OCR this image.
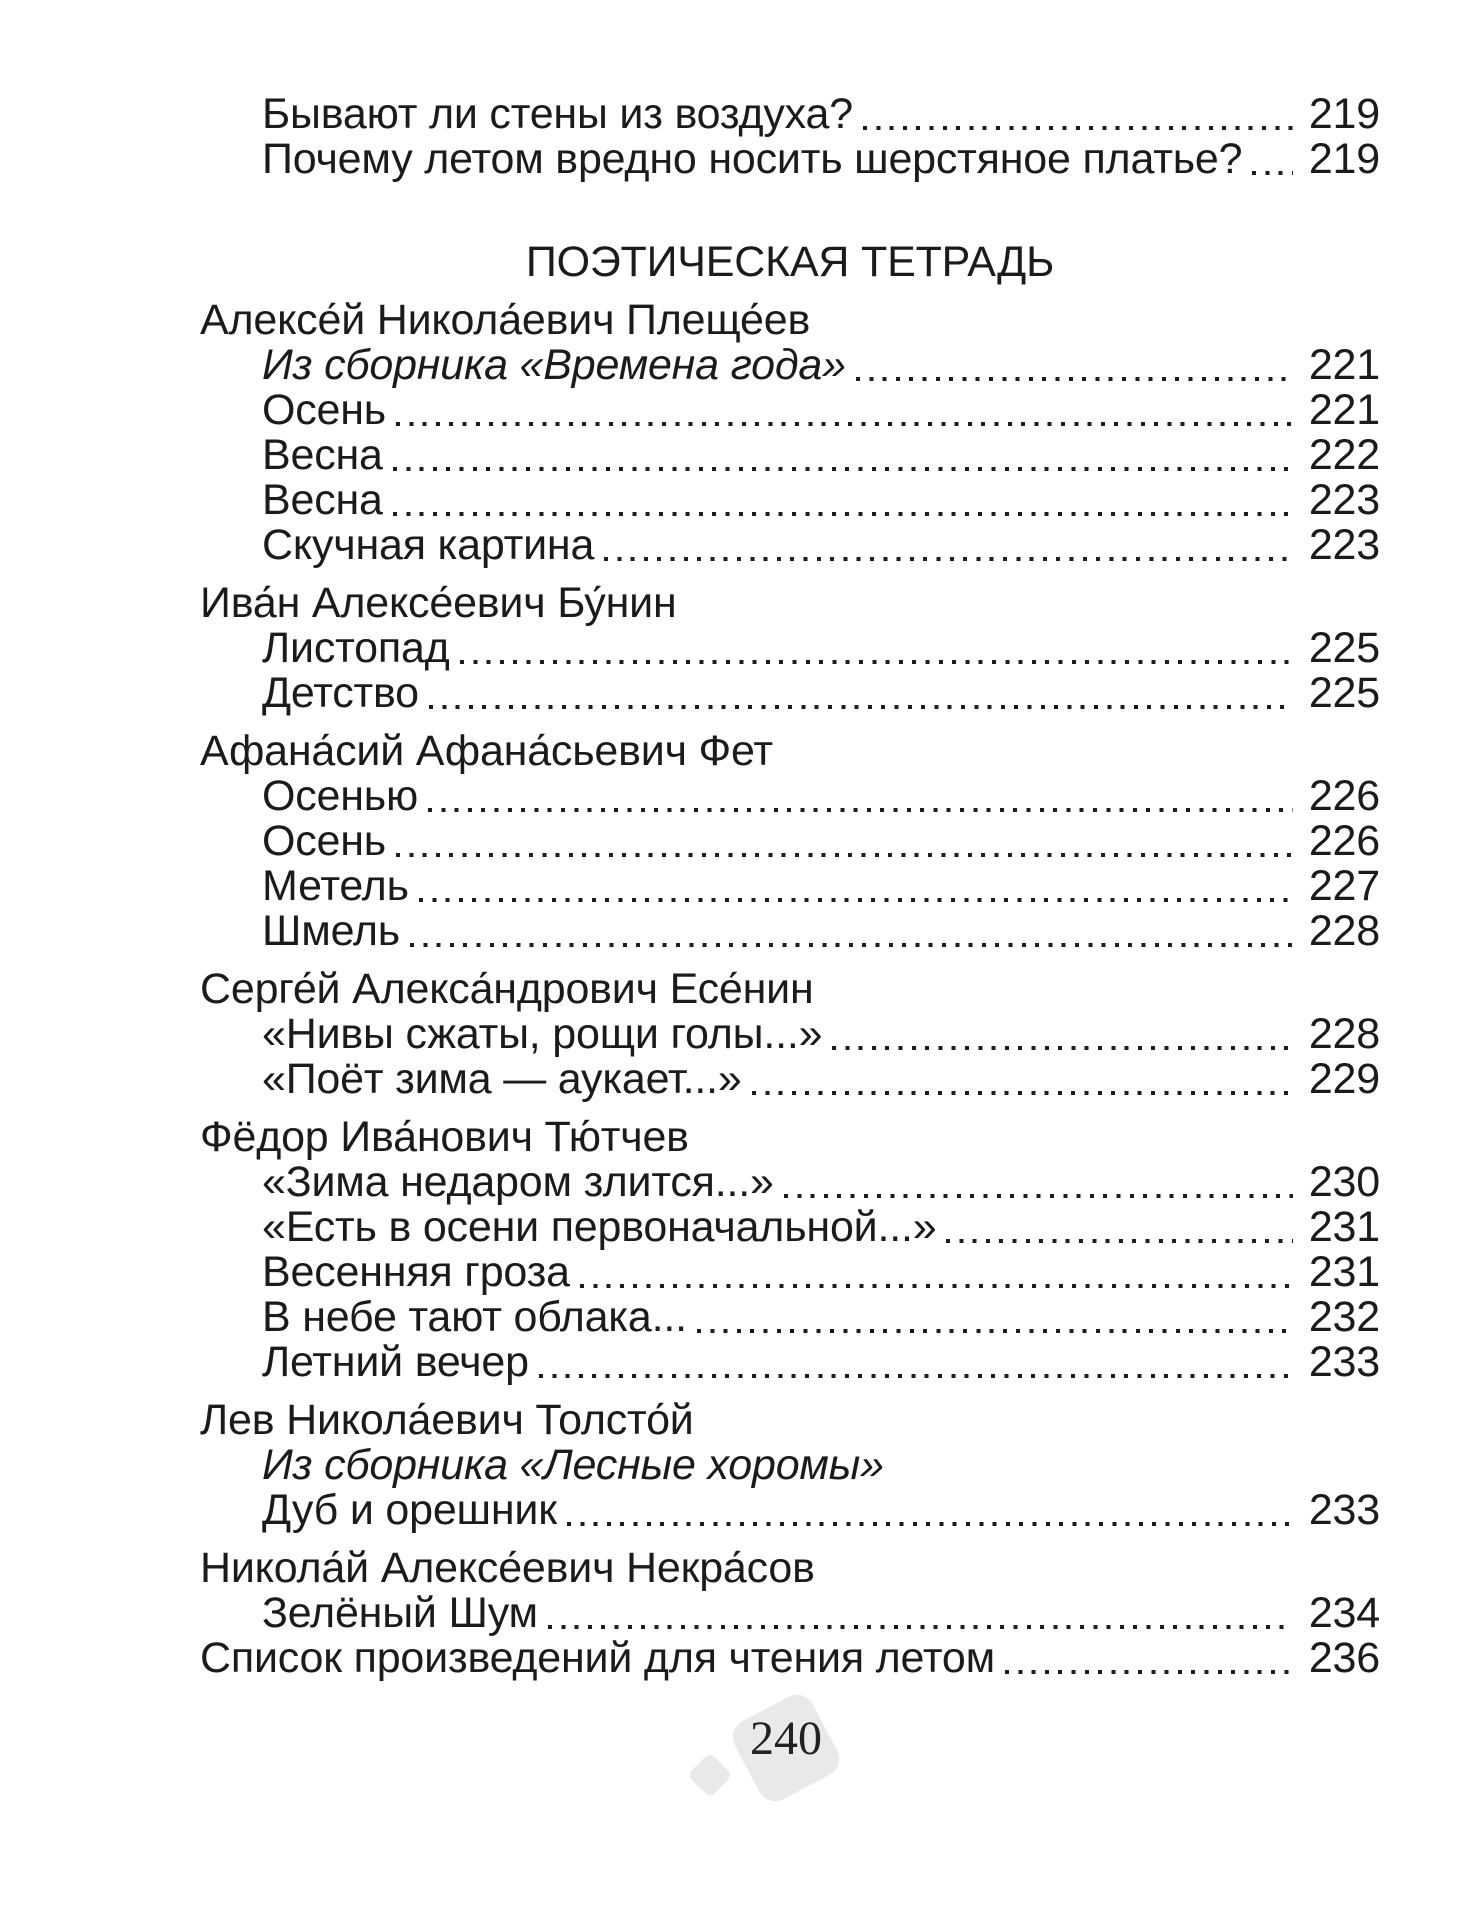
Бывают ли стены из воздуха?	219
Почему летом вредно носить шерстяное платье? 219
ПОЭТИЧЕСКАЯ ТЕТРАДЬ
Алексе́й Никола́евич Плеще́ев
Из сборника «Времена года»	221
Осень	221
Весна	222
Весна	223
Скучная картина	223
Ива́н Алексе́евич Бу́нин
Листопад	225
Детство	225
Афана́сий Афана́сьевич Фет
Осенью	226
Осень	226
Метель	227
Шмель	228
Серге́й Алекса́ндрович Есе́нин
«Нивы сжаты, рощи голы...»	228
«Поёт зима — аукает...»	229
Фёдор Ива́нович Тю́тчев
«Зима недаром злится...»	230
«Есть в осени первоначальной...»	231
Весенняя гроза	231
В небе тают облака...	232
Летний вечер	233
Лев Никола́евич Толсто́й
Из сборника «Лесные хоромы»
Дуб и орешник	233
Никола́й Алексе́евич Некра́сов
Зелёный Шум	234
Список произведений для чтения летом	236
240
